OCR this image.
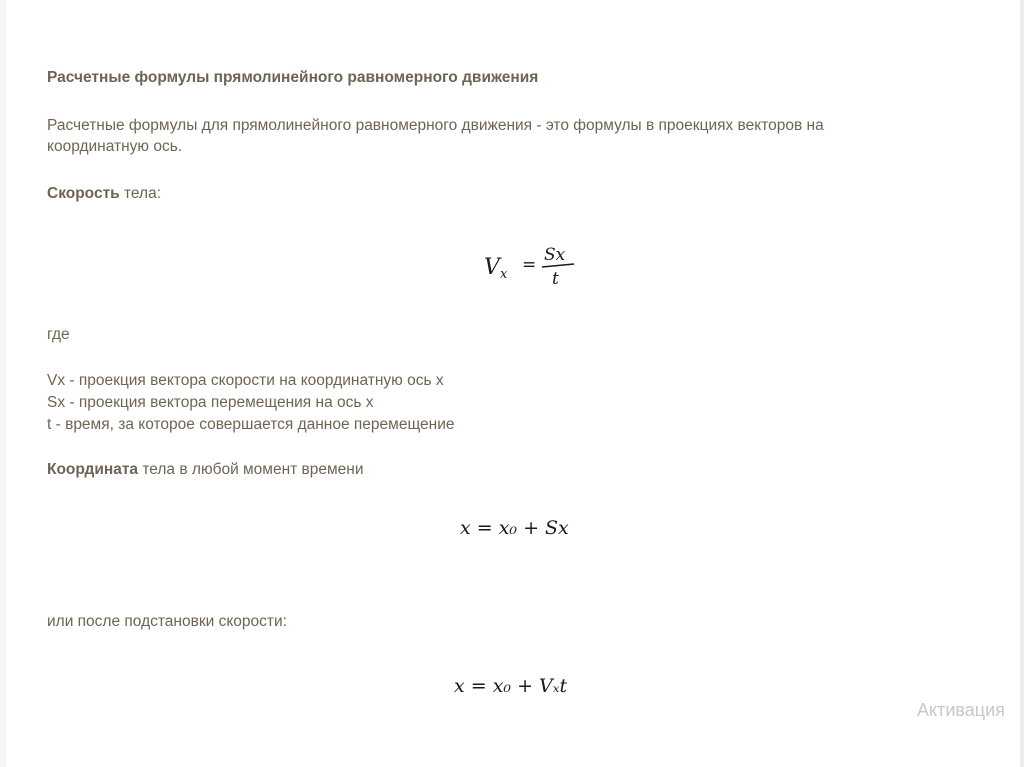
Расчетные формулы прямолинейного равномерного движения

Расчетные формулы для прямолинейного равномерного движения - это формулы в проекциях векторов на

координатную ось.

Скорость тела:

V x = Sx
t

где

Vx - проекция вектора скорости на координатную ось x

Sx - проекция вектора перемещения на ось x

t - время, за которое совершается данное перемещение

Координата тела в любой момент времени

x = x₀ + Sx

или после подстановки скорости:

x = x₀ + Vₓt
Активация
